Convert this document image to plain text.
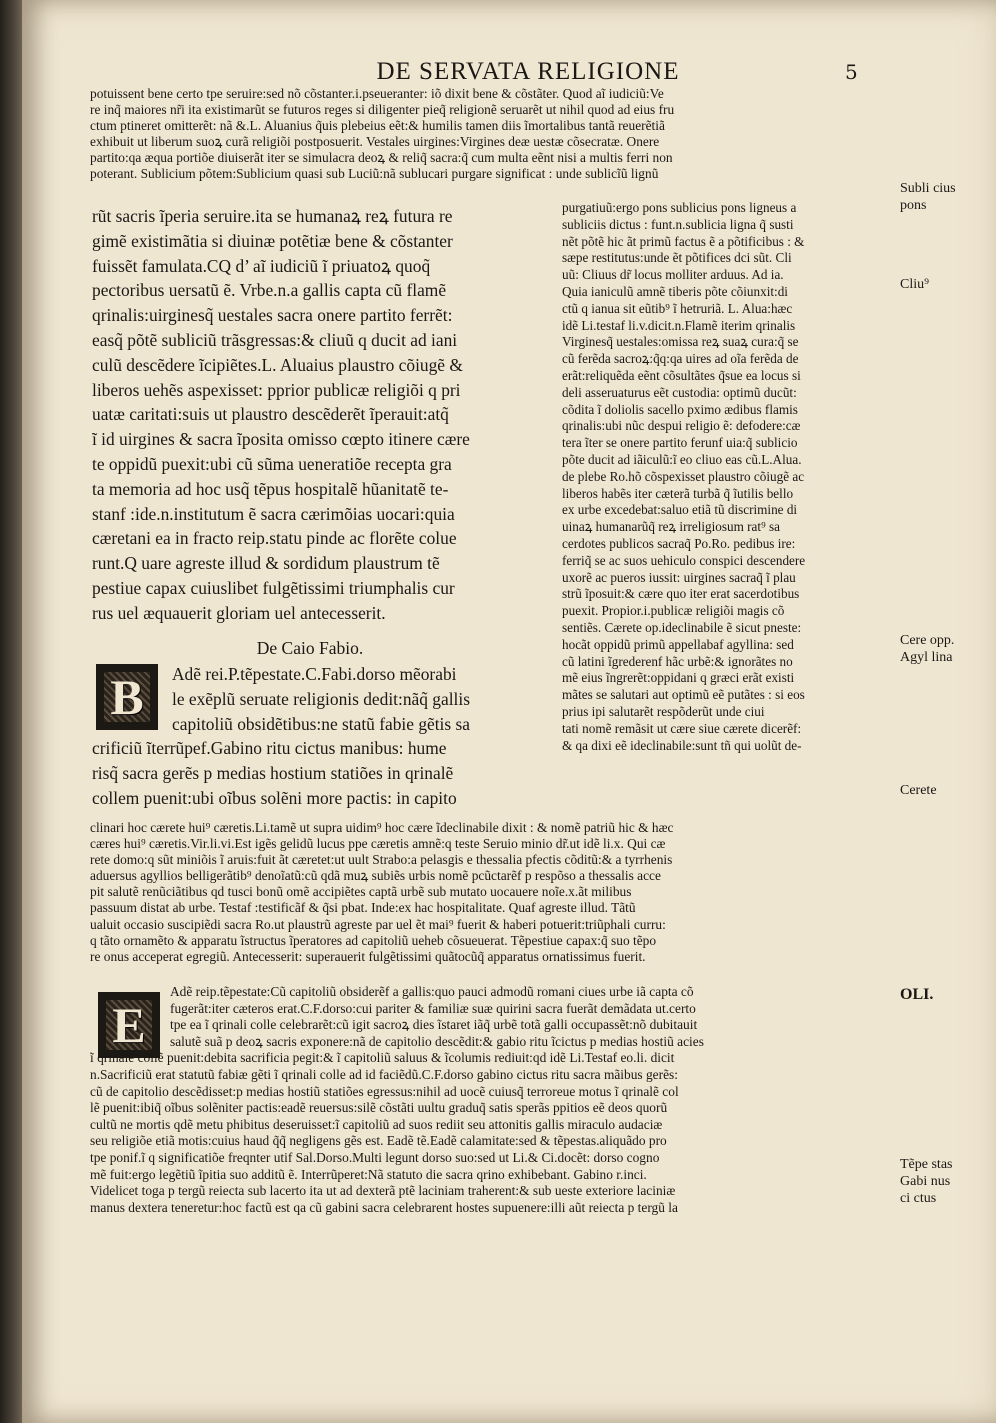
DE SERVATA RELIGIONE	5
potuissent bene certo tpe seruire:sed nõ cõstanter.i.pseueranter: iõ dixit bene & cõstãter. Quod aĩ iudiciũ:Ve
re inq̃ maiores nr̃i ita existimarũt se futuros reges si diligenter pieq̃ religionẽ seruarẽt ut nihil quod ad eius fru
ctum ptineret omitterẽt: nã &.L. Aluanius q̃uis plebeius eẽt:& humilis tamen diis ĩmortalibus tantã reuerẽtiã
exhibuit ut liberum suoꝝ curã religiõi postposuerit. Vestales uirgines:Virgines deæ uestæ cõsecratæ. Onere
partito:qa æqua portiõe diuiserãt iter se simulacra deoꝝ & reliq̃ sacra:q̃ cum multa eẽnt nisi a multis ferri non
poterant. Sublicium põtem:Sublicium quasi sub Luciũ:nã sublucari purgare significat : unde sublicĩũ lignũ
rũt sacris ĩperia seruire.ita se humanaꝝ reꝝ futura re
gimẽ existimãtia si diuinæ potẽtiæ bene & cõstanter
fuissẽt famulata.CQ d’ aĩ iudiciũ ĩ priuatoꝝ quoq̃
pectoribus uersatũ ẽ. Vrbe.n.a gallis capta cũ flamẽ
qrinalis:uirginesq̃ uestales sacra onere partito ferrẽt:
easq̃ põtẽ subliciũ trãsgressas:& cliuũ q ducit ad iani
culũ descẽdere ĩcipiẽtes.L. Aluaius plaustro cõiugẽ &
liberos uehẽs aspexisset: pprior publicæ religiõi q pri
uatæ caritati:suis ut plaustro descẽderẽt ĩperauit:atq̃
ĩ id uirgines & sacra ĩposita omisso cœpto itinere cære
te oppidũ puexit:ubi cũ sũma ueneratiõe recepta gra
ta memoria ad hoc usq̃ tẽpus hospitalẽ hũanitatẽ te-
stanf :ide.n.institutum ẽ sacra cærimõias uocari:quia
cæretani ea in fracto reip.statu pinde ac florẽte colue
runt.Q uare agreste illud & sordidum plaustrum tẽ
pestiue capax cuiuslibet fulgẽtissimi triumphalis cur
rus uel æquauerit gloriam uel antecesserit.
De Caio Fabio.
B	Adẽ rei.P.tẽpestate.C.Fabi.dorso mẽorabi
le exẽplũ seruate religionis dedit:nãq̃ gallis
capitoliũ obsidẽtibus:ne statũ fabie gẽtis sa
crificiũ ĩterrũpef.Gabino ritu cictus manibus: hume
risq̃ sacra gerẽs p medias hostium statiões in qrinalẽ
collem puenit:ubi oĩbus solẽni more pactis: in capito
purgatiuũ:ergo pons sublicius pons ligneus a
subliciis dictus : funt.n.sublicia ligna q̃ susti
nẽt põtẽ hic ãt primũ factus ẽ a põtificibus : &
sæpe restitutus:unde ẽt põtifices dci sũt. Cli
uũ: Cliuus dr̃ locus molliter arduus. Ad ia.
Quia ianiculũ amnẽ tiberis põte cõiunxit:di
ctũ q ianua sit eũtib⁹ ĩ hetruriã. L. Alua:hæc
idẽ Li.testaf li.v.dicit.n.Flamẽ iterim qrinalis
Virginesq̃ uestales:omissa reꝝ suaꝝ cura:q̃ se
cũ ferẽda sacroꝝ:q̃q:qa uires ad oĩa ferẽda de
erãt:reliquẽda eẽnt cõsultãtes q̃sue ea locus si
deli asseruaturus eẽt custodia: optimũ ducũt:
cõdita ĩ doliolis sacello pximo ædibus flamis
qrinalis:ubi nũc despui religio ẽ: defodere:cæ
tera ĩter se onere partito ferunf uia:q̃ sublicio
põte ducit ad iãiculũ:ĩ eo cliuo eas cũ.L.Alua.
de plebe Ro.hõ cõspexisset plaustro cõiugẽ ac
liberos habẽs iter cæterã turbã q̃ ĩutilis bello
ex urbe excedebat:saluo etiã tũ discrimine di
uinaꝝ humanarũq̃ reꝝ irreligiosum rat⁹ sa
cerdotes publicos sacraq̃ Po.Ro. pedibus ire:
ferriq̃ se ac suos uehiculo conspici descendere
uxorẽ ac pueros iussit: uirgines sacraq̃ ĩ plau
strũ ĩposuit:& cære quo iter erat sacerdotibus
puexit. Propior.i.publicæ religiõi magis cõ
sentiẽs. Cærete op.ideclinabile ẽ sicut pneste:
hocãt oppidũ primũ appellabaf agyllina: sed
cũ latini ĩgrederenf hãc urbẽ:& ignorãtes no
mẽ eius ĩngrerẽt:oppidani q græci erãt existi
mãtes se salutari aut optimũ eẽ putãtes : si eos
prius ipi salutarẽt respõderũt unde ciui
tati nomẽ remãsit ut cære siue cærete dicerẽf:
& qa dixi eẽ ideclinabile:sunt tñ qui uolũt de-
clinari hoc cærete hui⁹ cæretis.Li.tamẽ ut supra uidim⁹ hoc cære ĩdeclinabile dixit : & nomẽ patriũ hic & hæc
cæres hui⁹ cæretis.Vir.li.vi.Est igẽs gelidũ lucus ppe cæretis amnẽ:q teste Seruio minio dr̃.ut idẽ li.x. Qui cæ
rete domo:q sũt miniõis ĩ aruis:fuit ãt cæretet:ut uult Strabo:a pelasgis e thessalia pfectis cõditũ:& a tyrrhenis
aduersus agyllios belligerãtib⁹ denoĩatũ:cũ qdã muꝝ subiẽs urbis nomẽ pcũctarẽf p respõso a thessalis acce
pit salutẽ renũciãtibus qd tusci bonũ omẽ accipiẽtes captã urbẽ sub mutato uocauere noĩe.x.ãt milibus
passuum distat ab urbe. Testaf :testificãf & q̃si pbat. Inde:ex hac hospitalitate. Quaf agreste illud. Tãtũ
ualuit occasio suscipiẽdi sacra Ro.ut plaustrũ agreste par uel ẽt mai⁹ fuerit & haberi potuerit:triũphali curru:
q tãto ornamẽto & apparatu ĩstructus ĩperatores ad capitoliũ ueheb cõsueuerat. Tẽpestiue capax:q̃ suo tẽpo
re onus acceperat egregiũ. Antecesserit: superauerit fulgẽtissimi quãtocũq̃ apparatus ornatissimus fuerit.
E
Adẽ reip.tẽpestate:Cũ capitoliũ obsiderẽf a gallis:quo pauci admodũ romani ciues urbe iã capta cõ
fugerãt:iter cæteros erat.C.F.dorso:cui pariter & familiæ suæ quirini sacra fuerãt demãdata ut.certo
tpe ea ĩ qrinali colle celebrarẽt:cũ igit sacroꝝ dies ĩstaret iãq̃ urbẽ totã galli occupassẽt:nõ dubitauit
salutẽ suã p deoꝝ sacris exponere:nã de capitolio descẽdit:& gabio ritu ĩcictus p medias hostiũ acies
ĩ qrinalẽ collẽ puenit:debita sacrificia pegit:& ĩ capitoliũ saluus & ĩcolumis rediuit:qd idẽ Li.Testaf eo.li. dicit
n.Sacrificiũ erat statutũ fabiæ gẽti ĩ qrinali colle ad id faciẽdũ.C.F.dorso gabino cictus ritu sacra mãibus gerẽs:
cũ de capitolio descẽdisset:p medias hostiũ statiões egressus:nihil ad uocẽ cuiusq̃ terroreue motus ĩ qrinalẽ col
lẽ puenit:ibiq̃ oĩbus solẽniter pactis:eadẽ reuersus:silẽ cõstãti uultu graduq̃ satis sperãs ppitios eẽ deos quorũ
cultũ ne mortis qdẽ metu phibitus deseruisset:ĩ capitoliũ ad suos rediit seu attonitis gallis miraculo audaciæ
seu religiõe etiã motis:cuius haud q̃q̃ negligens gẽs est. Eadẽ tẽ.Eadẽ calamitate:sed & tẽpestas.aliquãdo pro
tpe ponif.ĩ q significatiõe freqnter utif Sal.Dorso.Multi legunt dorso suo:sed ut Li.& Ci.docẽt: dorso cogno
mẽ fuit:ergo legẽtiũ ĩpitia suo additũ ẽ. Interrũperet:Nã statuto die sacra qrino exhibebant. Gabino r.inci.
Videlicet toga p tergũ reiecta sub lacerto ita ut ad dexterã ptẽ laciniam traherent:& sub ueste exteriore laciniæ
manus dextera teneretur:hoc factũ est qa cũ gabini sacra celebrarent hostes supuenere:illi aũt reiecta p tergũ la
Subli cius pons
Cliu⁹
Cere opp. Agyl lina
Cerete
OLI.
Tẽpe stas Gabi nus ci ctus
